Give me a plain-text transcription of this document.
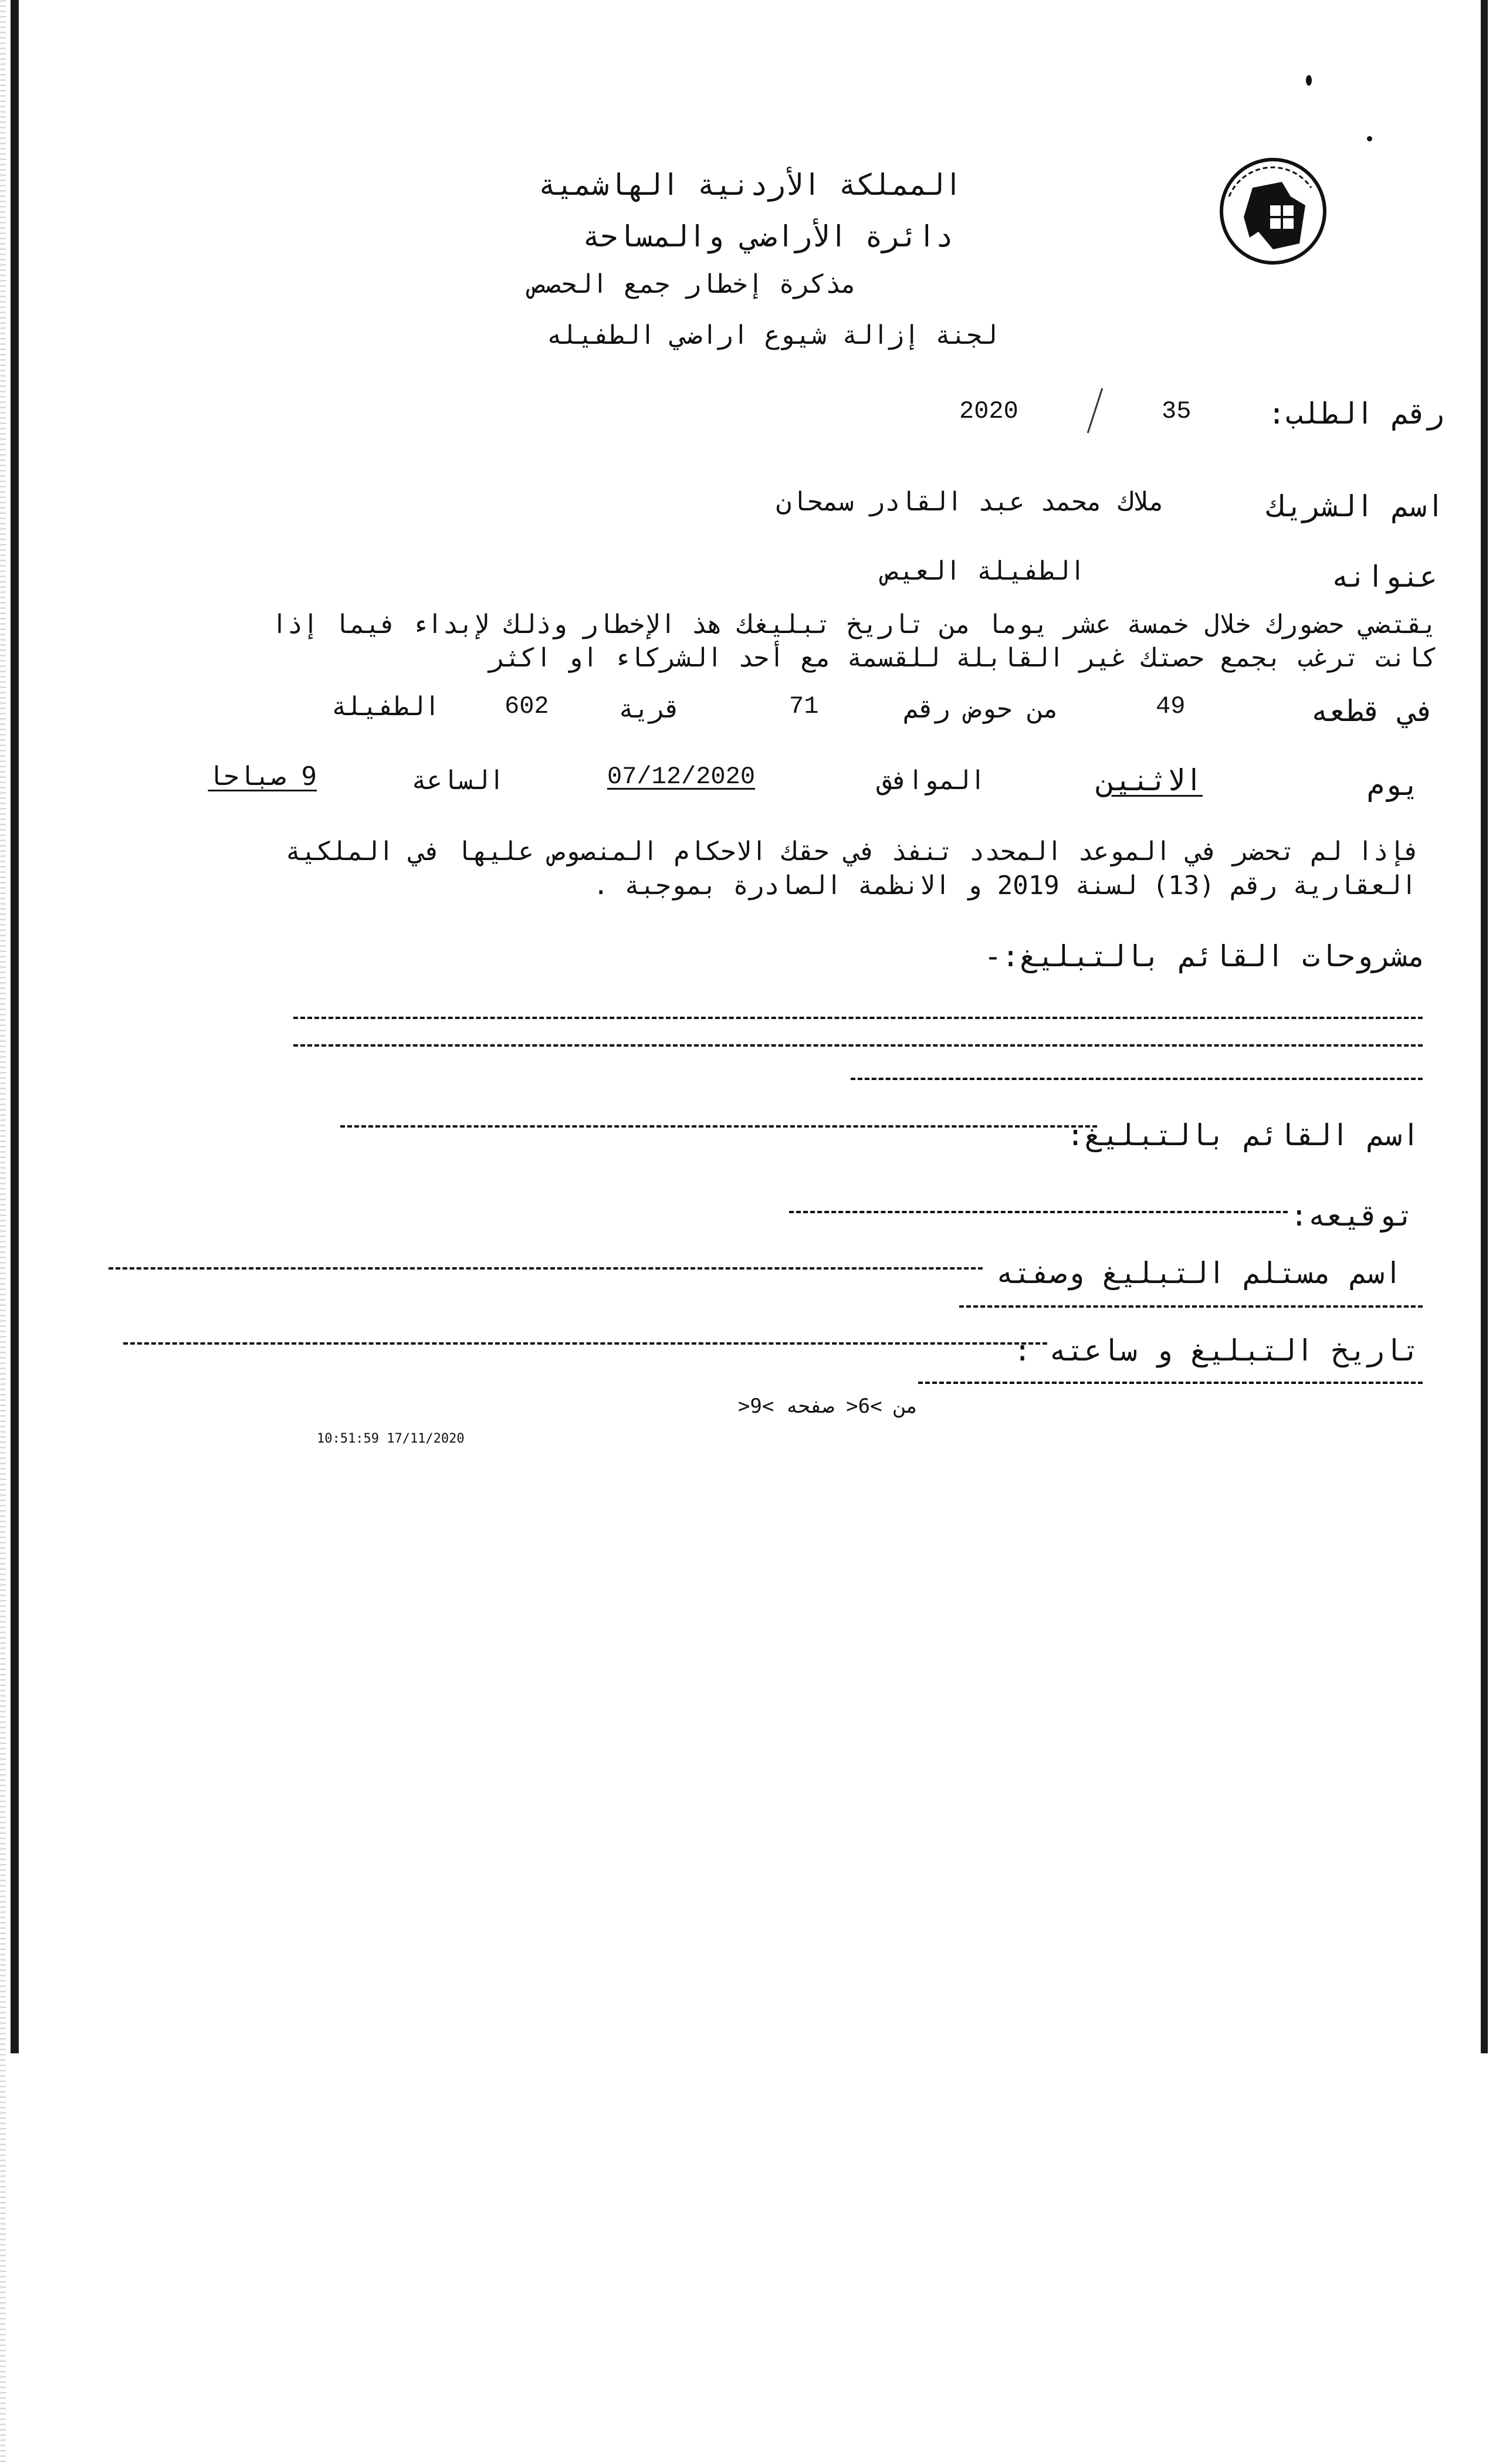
المملكة الأردنية الهاشمية
دائرة الأراضي والمساحة
مذكرة إخطار جمع الحصص
لجنة إزالة شيوع اراضي الطفيله
رقم الطلب:
35
2020
اسم الشريك
ملاك محمد عبد القادر سمحان
عنوانه
الطفيلة العيص
يقتضي حضورك خلال خمسة عشر يوما من تاريخ تبليغك هذ الإخطار وذلك لإبداء فيما إذا
كانت ترغب بجمع حصتك غير القابلة للقسمة مع أحد الشركاء او اكثر
في قطعه
49
من حوض رقم
71
قرية
602
الطفيلة
يوم
الاثنين
الموافق
07/12/2020
الساعة
9 صباحا
فإذا لم تحضر في الموعد المحدد تنفذ في حقك الاحكام المنصوص عليها في الملكية
العقارية رقم (13) لسنة 2019 و الانظمة الصادرة بموجبة .
مشروحات القائم بالتبليغ:-
اسم القائم بالتبليغ:
توقيعه:
اسم مستلم التبليغ وصفته
تاريخ التبليغ و ساعته :
من >6< صفحه >9<
10:51:59 17/11/2020
